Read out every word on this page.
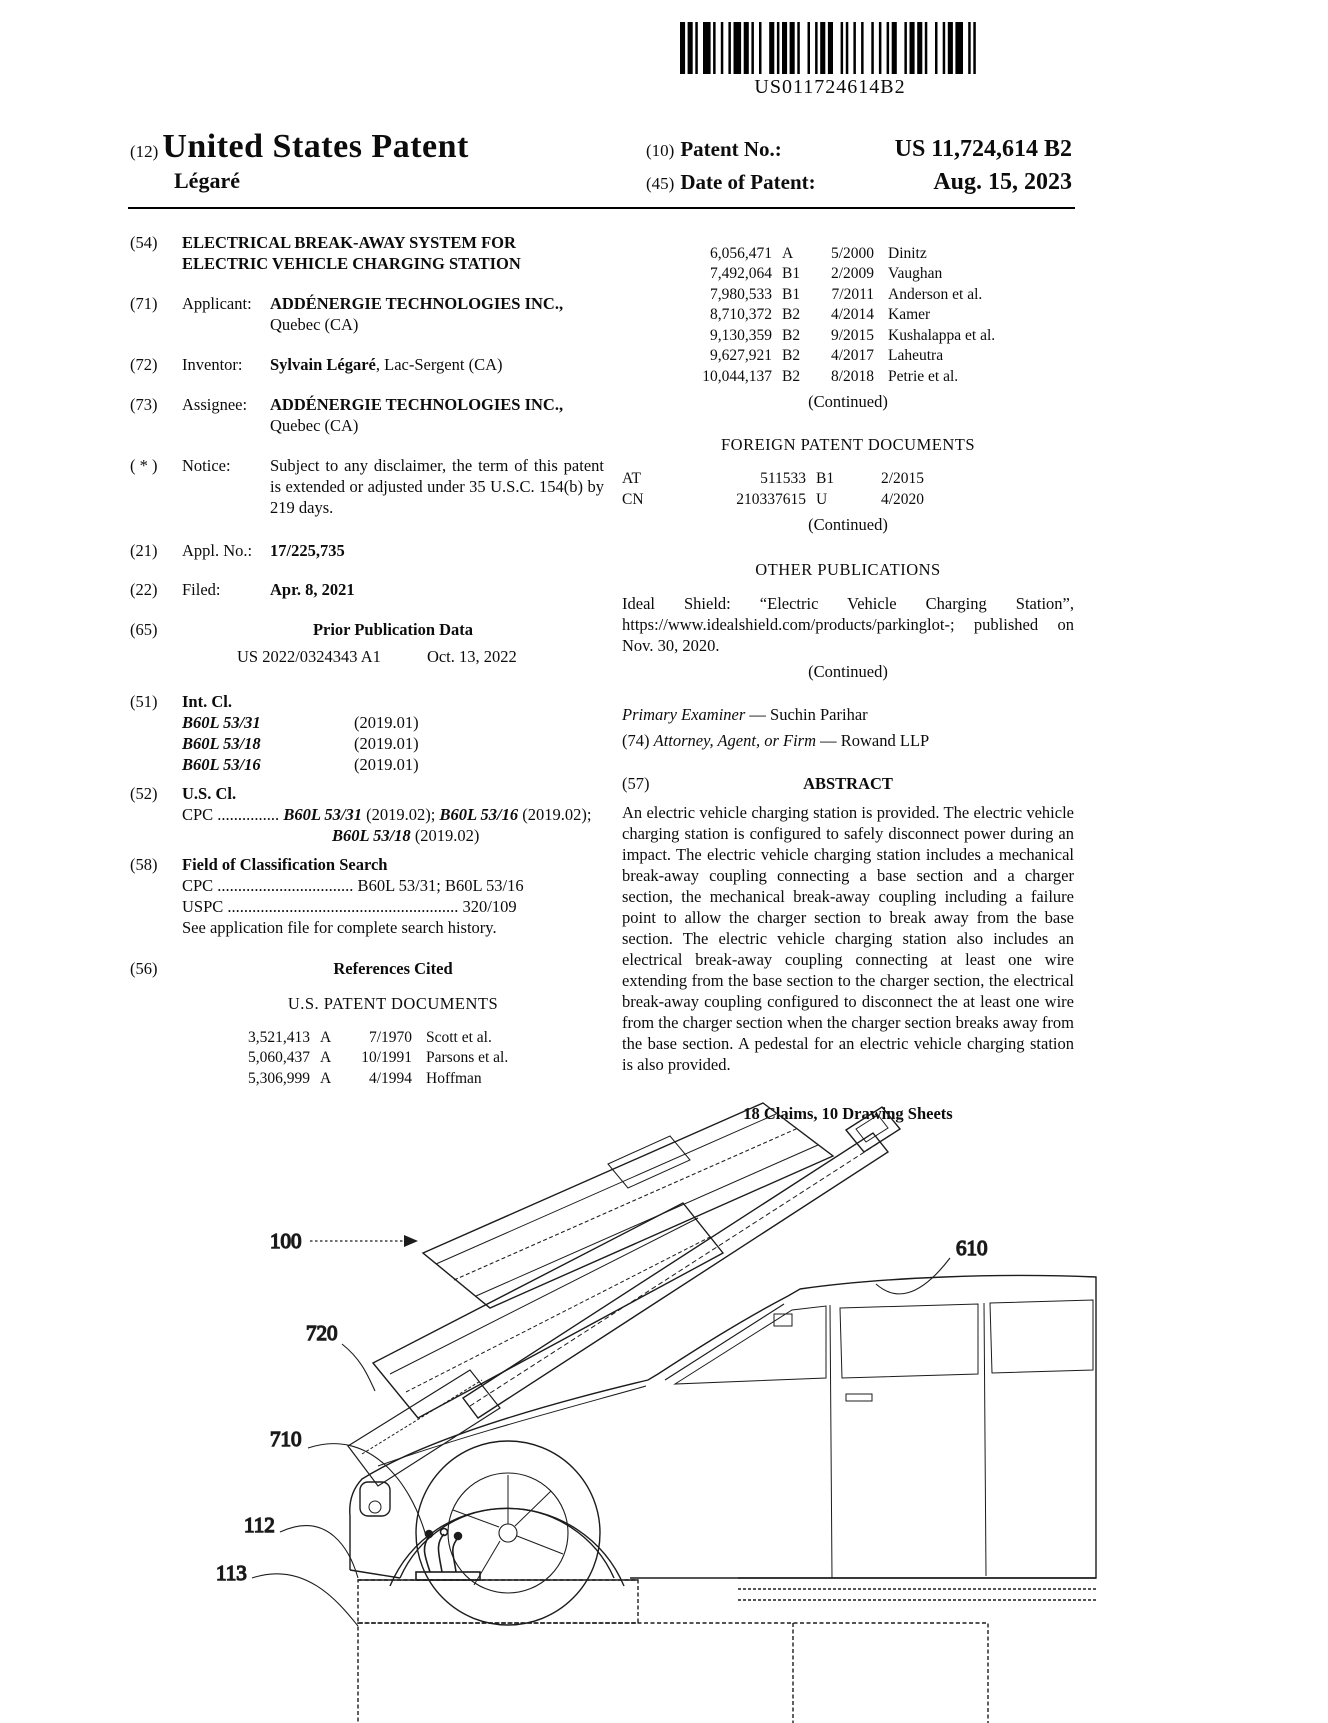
US011724614B2
(12) United States Patent
Légaré
(10) Patent No.:	US 11,724,614 B2
(45) Date of Patent:	Aug. 15, 2023
(54)	ELECTRICAL BREAK-AWAY SYSTEM FOR ELECTRIC VEHICLE CHARGING STATION
(71)	Applicant:	ADDÉNERGIE TECHNOLOGIES INC., Quebec (CA)
(72)	Inventor:	Sylvain Légaré, Lac-Sergent (CA)
(73)	Assignee:	ADDÉNERGIE TECHNOLOGIES INC., Quebec (CA)
( * )	Notice:	Subject to any disclaimer, the term of this patent is extended or adjusted under 35 U.S.C. 154(b) by 219 days.
(21)	Appl. No.:	17/225,735
(22)	Filed:	Apr. 8, 2021
(65)	Prior Publication Data
US 2022/0324343 A1	Oct. 13, 2022
(51)	Int. Cl.
B60L 53/31	(2019.01)
B60L 53/18	(2019.01)
B60L 53/16	(2019.01)
(52)	U.S. Cl.
CPC ............... B60L 53/31 (2019.02); B60L 53/16 (2019.02); B60L 53/18 (2019.02)
(58)	Field of Classification Search
CPC ................................. B60L 53/31; B60L 53/16
USPC ........................................................ 320/109
See application file for complete search history.
(56)	References Cited
U.S. PATENT DOCUMENTS
3,521,413 A	7/1970 Scott et al.
5,060,437 A	10/1991 Parsons et al.
5,306,999 A	4/1994 Hoffman
6,056,471 A	5/2000 Dinitz
7,492,064 B1	2/2009 Vaughan
7,980,533 B1	7/2011 Anderson et al.
8,710,372 B2	4/2014 Kamer
9,130,359 B2	9/2015 Kushalappa et al.
9,627,921 B2	4/2017 Laheutra
10,044,137 B2	8/2018 Petrie et al.
(Continued)
FOREIGN PATENT DOCUMENTS
AT	511533 B1	2/2015
CN	210337615 U	4/2020
(Continued)
OTHER PUBLICATIONS
Ideal Shield: “Electric Vehicle Charging Station”, https://www.idealshield.com/products/parkinglot-; published on Nov. 30, 2020.
(Continued)
Primary Examiner — Suchin Parihar
(74) Attorney, Agent, or Firm — Rowand LLP
(57)	ABSTRACT
An electric vehicle charging station is provided. The electric vehicle charging station is configured to safely disconnect power during an impact. The electric vehicle charging station includes a mechanical break-away coupling connecting a base section and a charger section, the mechanical break-away coupling including a failure point to allow the charger section to break away from the base section. The electric vehicle charging station also includes an electrical break-away coupling connecting at least one wire extending from the base section to the charger section, the electrical break-away coupling configured to disconnect the at least one wire from the charger section when the charger section breaks away from the base section. A pedestal for an electric vehicle charging station is also provided.
18 Claims, 10 Drawing Sheets
100	610
720
710
112
113
